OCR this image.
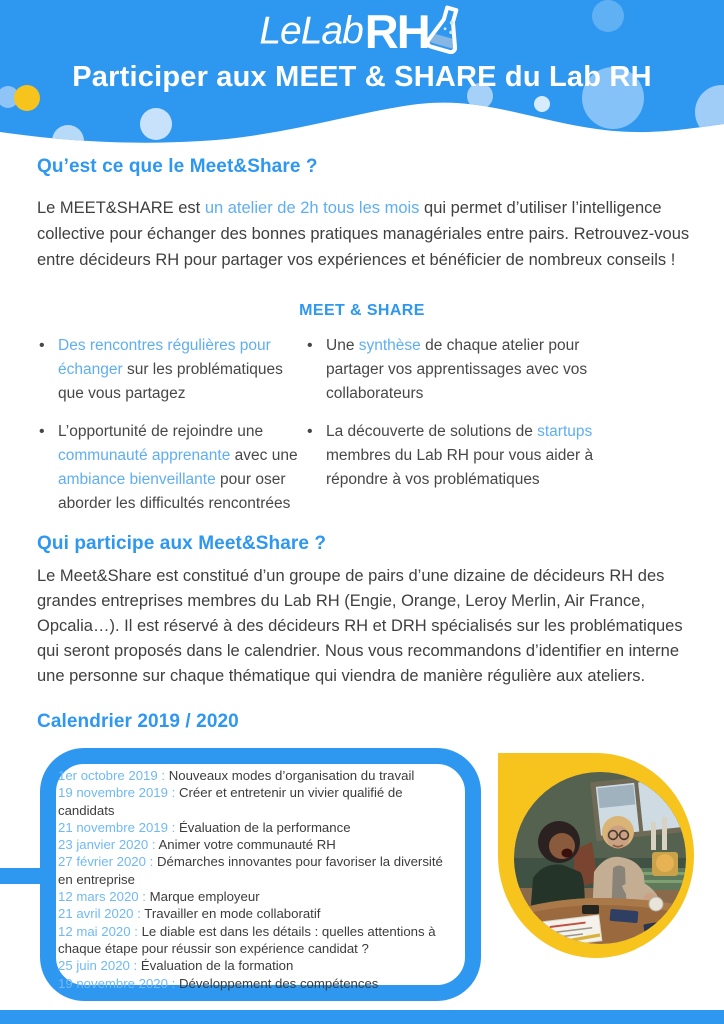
LeLabRH
Participer aux MEET & SHARE du Lab RH
Qu’est ce que le Meet&Share ?

Le MEET&SHARE est un atelier de 2h tous les mois qui permet d’utiliser l’intelligence collective pour échanger des bonnes pratiques managériales entre pairs. Retrouvez-vous entre décideurs RH pour partager vos expériences et bénéficier de nombreux conseils !

MEET & SHARE
• Des rencontres régulières pour échanger sur les problématiques que vous partagez
• L’opportunité de rejoindre une communauté apprenante avec une ambiance bienveillante pour oser aborder les difficultés rencontrées
• Une synthèse de chaque atelier pour partager vos apprentissages avec vos collaborateurs
• La découverte de solutions de startups membres du Lab RH pour vous aider à répondre à vos problématiques
Qui participe aux Meet&Share ?

Le Meet&Share est constitué d’un groupe de pairs d’une dizaine de décideurs RH des grandes entreprises membres du Lab RH (Engie, Orange, Leroy Merlin, Air France, Opcalia…). Il est réservé à des décideurs RH et DRH spécialisés sur les problématiques qui seront proposés dans le calendrier. Nous vous recommandons d’identifier en interne une personne sur chaque thématique qui viendra de manière régulière aux ateliers.

Calendrier 2019 / 2020
1er octobre 2019 : Nouveaux modes d’organisation du travail
19 novembre 2019 : Créer et entretenir un vivier qualifié de candidats
21 novembre 2019 : Évaluation de la performance
23 janvier 2020 : Animer votre communauté RH
27 février 2020 : Démarches innovantes pour favoriser la diversité en entreprise
12 mars 2020 : Marque employeur
21 avril 2020 : Travailler en mode collaboratif
12 mai 2020 : Le diable est dans les détails : quelles attentions à chaque étape pour réussir son expérience candidat ?
25 juin 2020 : Évaluation de la formation
19 novembre 2020 : Développement des compétences
